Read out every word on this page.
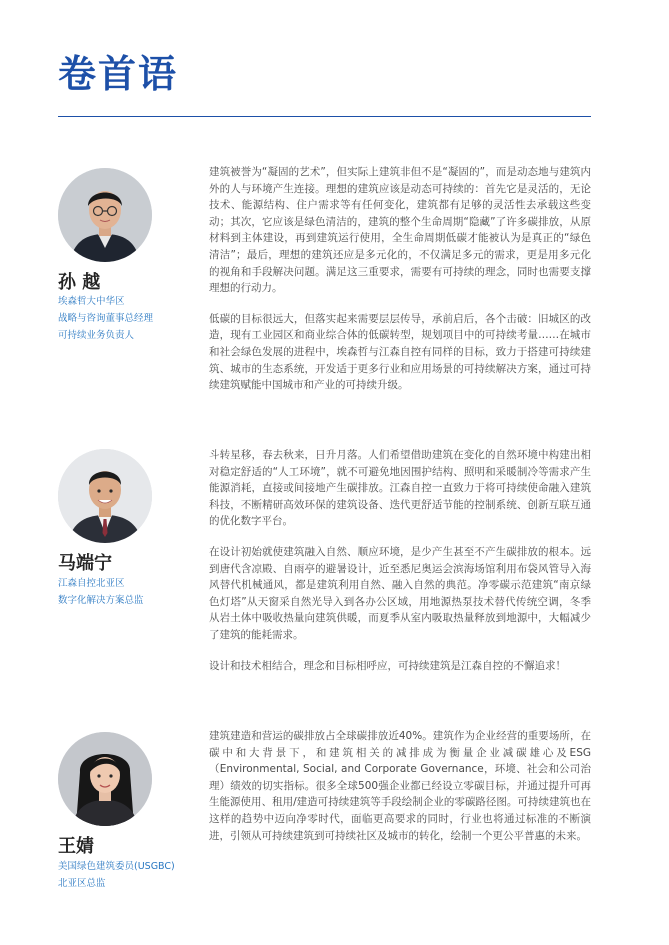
卷首语
孙 越
埃森哲大中华区
战略与咨询董事总经理
可持续业务负责人

建筑被誉为“凝固的艺术”，但实际上建筑非但不是“凝固的”，而是动态地与建筑内外的人与环境产生连接。理想的建筑应该是动态可持续的：首先它是灵活的，无论技术、能源结构、住户需求等有任何变化，建筑都有足够的灵活性去承载这些变动；其次，它应该是绿色清洁的，建筑的整个生命周期“隐藏”了许多碳排放，从原材料到主体建设，再到建筑运行使用，全生命周期低碳才能被认为是真正的“绿色清洁”；最后，理想的建筑还应是多元化的，不仅满足多元的需求，更是用多元化的视角和手段解决问题。满足这三重要求，需要有可持续的理念，同时也需要支撑理想的行动力。

低碳的目标很远大，但落实起来需要层层传导，承前启后，各个击破：旧城区的改造，现有工业园区和商业综合体的低碳转型，规划项目中的可持续考量……在城市和社会绿色发展的进程中，埃森哲与江森自控有同样的目标，致力于搭建可持续建筑、城市的生态系统，开发适于更多行业和应用场景的可持续解决方案，通过可持续建筑赋能中国城市和产业的可持续升级。

马端宁
江森自控北亚区
数字化解决方案总监

斗转星移，春去秋来，日升月落。人们希望借助建筑在变化的自然环境中构建出相对稳定舒适的“人工环境”，就不可避免地因围护结构、照明和采暖制冷等需求产生能源消耗，直接或间接地产生碳排放。江森自控一直致力于将可持续使命融入建筑科技，不断精研高效环保的建筑设备、迭代更舒适节能的控制系统、创新互联互通的优化数字平台。

在设计初始就使建筑融入自然、顺应环境，是少产生甚至不产生碳排放的根本。远到唐代含凉殿、自雨亭的避暑设计，近至悉尼奥运会滨海场馆利用布袋风管导入海风替代机械通风，都是建筑利用自然、融入自然的典范。净零碳示范建筑“南京绿色灯塔”从天窗采自然光导入到各办公区域，用地源热泵技术替代传统空调，冬季从岩土体中吸收热量向建筑供暖，而夏季从室内吸取热量释放到地源中，大幅减少了建筑的能耗需求。

设计和技术相结合，理念和目标相呼应，可持续建筑是江森自控的不懈追求！

王婧
美国绿色建筑委员(USGBC)
北亚区总监

建筑建造和营运的碳排放占全球碳排放近40%。建筑作为企业经营的重要场所，在碳中和大背景下，和建筑相关的减排成为衡量企业减碳雄心及ESG（Environmental, Social, and Corporate Governance，环境、社会和公司治理）绩效的切实指标。很多全球500强企业都已经设立零碳目标，并通过提升可再生能源使用、租用/建造可持续建筑等手段绘制企业的零碳路径图。可持续建筑也在这样的趋势中迈向净零时代，面临更高要求的同时，行业也将通过标准的不断演进，引领从可持续建筑到可持续社区及城市的转化，绘制一个更公平普惠的未来。
